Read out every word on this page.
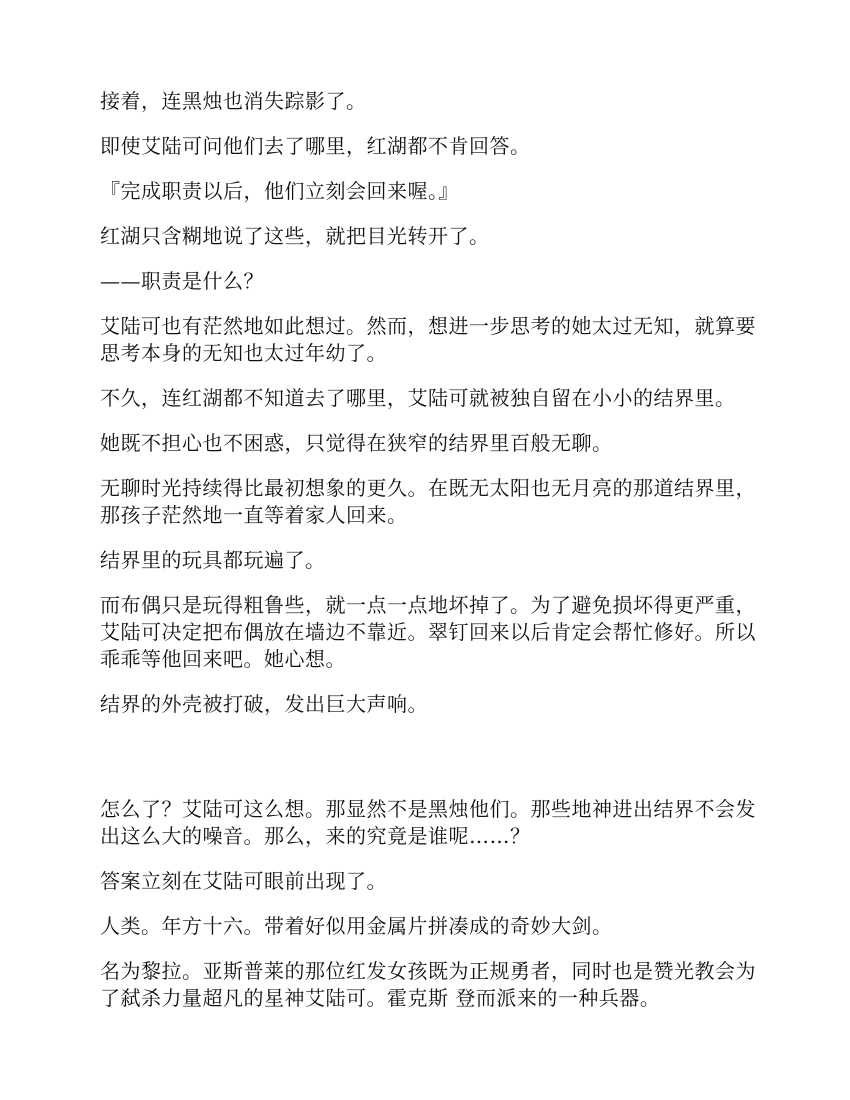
接着，连黑烛也消失踪影了。

即使艾陆可问他们去了哪里，红湖都不肯回答。

『完成职责以后，他们立刻会回来喔。』

红湖只含糊地说了这些，就把目光转开了。

——职责是什么？

艾陆可也有茫然地如此想过。然而，想进一步思考的她太过无知，就算要思考本身的无知也太过年幼了。

不久，连红湖都不知道去了哪里，艾陆可就被独自留在小小的结界里。

她既不担心也不困惑，只觉得在狭窄的结界里百般无聊。

无聊时光持续得比最初想象的更久。在既无太阳也无月亮的那道结界里，那孩子茫然地一直等着家人回来。

结界里的玩具都玩遍了。

而布偶只是玩得粗鲁些，就一点一点地坏掉了。为了避免损坏得更严重，艾陆可决定把布偶放在墙边不靠近。翠钉回来以后肯定会帮忙修好。所以乖乖等他回来吧。她心想。

结界的外壳被打破，发出巨大声响。

怎么了？艾陆可这么想。那显然不是黑烛他们。那些地神进出结界不会发出这么大的噪音。那么，来的究竟是谁呢……？

答案立刻在艾陆可眼前出现了。

人类。年方十六。带着好似用金属片拼凑成的奇妙大剑。

名为黎拉。亚斯普莱的那位红发女孩既为正规勇者，同时也是赞光教会为了弑杀力量超凡的星神艾陆可。霍克斯 登而派来的一种兵器。
